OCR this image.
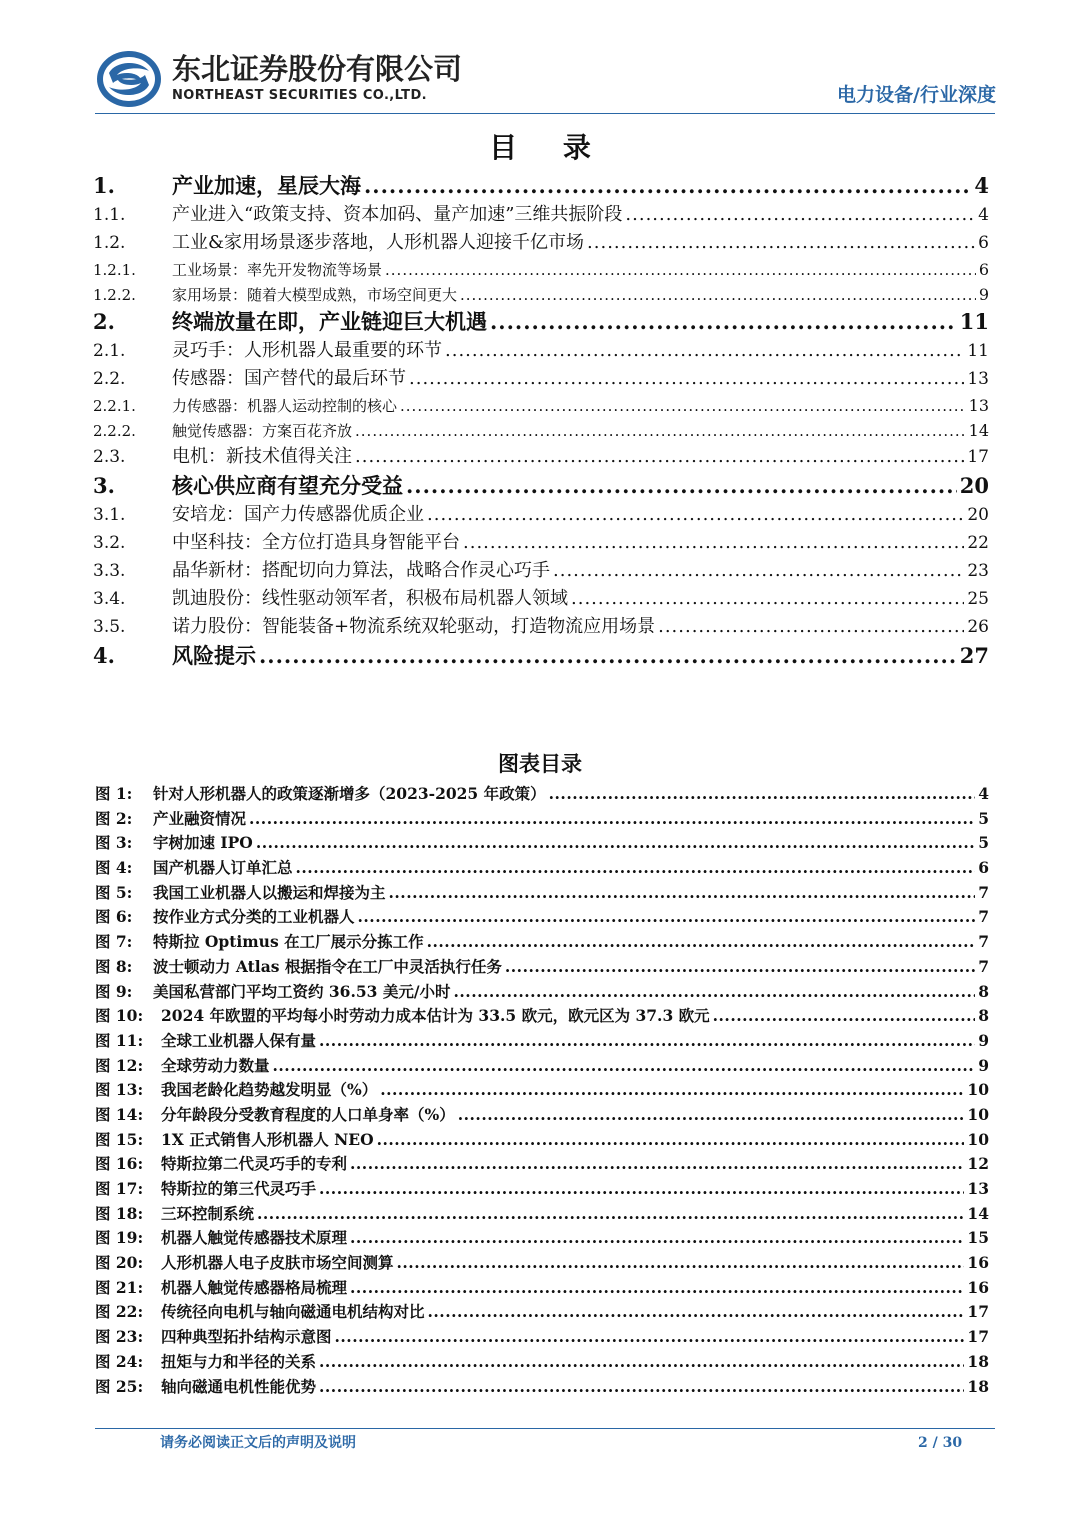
东北证券股份有限公司
NORTHEAST SECURITIES CO.,LTD.	电力设备/行业深度
目 录
1.	产业加速，星辰大海 .....	4
1.1.	产业进入“政策支持、资本加码、量产加速”三维共振阶段 .....	4
1.2.	工业&家用场景逐步落地，人形机器人迎接千亿市场 .....	6
1.2.1.	工业场景：率先开发物流等场景 .....	6
1.2.2.	家用场景：随着大模型成熟，市场空间更大 .....	9
2.	终端放量在即，产业链迎巨大机遇 .....	11
2.1.	灵巧手：人形机器人最重要的环节 .....	11
2.2.	传感器：国产替代的最后环节 .....	13
2.2.1.	力传感器：机器人运动控制的核心 .....	13
2.2.2.	触觉传感器：方案百花齐放 .....	14
2.3.	电机：新技术值得关注 .....	17
3.	核心供应商有望充分受益 .....	20
3.1.	安培龙：国产力传感器优质企业 .....	20
3.2.	中坚科技：全方位打造具身智能平台 .....	22
3.3.	晶华新材：搭配切向力算法，战略合作灵心巧手 .....	23
3.4.	凯迪股份：线性驱动领军者，积极布局机器人领域 .....	25
3.5.	诺力股份：智能装备+物流系统双轮驱动，打造物流应用场景 .....	26
4.	风险提示 .....	27
图表目录
图 1:	针对人形机器人的政策逐渐增多（2023-2025 年政策） .....	4
图 2:	产业融资情况 .....	5
图 3:	宇树加速 IPO .....	5
图 4:	国产机器人订单汇总 .....	6
图 5:	我国工业机器人以搬运和焊接为主 .....	7
图 6:	按作业方式分类的工业机器人 .....	7
图 7:	特斯拉 Optimus 在工厂展示分拣工作 .....	7
图 8:	波士顿动力 Atlas 根据指令在工厂中灵活执行任务 .....	7
图 9:	美国私营部门平均工资约 36.53 美元/小时 .....	8
图 10:	2024 年欧盟的平均每小时劳动力成本估计为 33.5 欧元，欧元区为 37.3 欧元 .....	8
图 11:	全球工业机器人保有量 .....	9
图 12:	全球劳动力数量 .....	9
图 13:	我国老龄化趋势越发明显（%） .....	10
图 14:	分年龄段分受教育程度的人口单身率（%） .....	10
图 15:	1X 正式销售人形机器人 NEO .....	10
图 16:	特斯拉第二代灵巧手的专利 .....	12
图 17:	特斯拉的第三代灵巧手 .....	13
图 18:	三环控制系统 .....	14
图 19:	机器人触觉传感器技术原理 .....	15
图 20:	人形机器人电子皮肤市场空间测算 .....	16
图 21:	机器人触觉传感器格局梳理 .....	16
图 22:	传统径向电机与轴向磁通电机结构对比 .....	17
图 23:	四种典型拓扑结构示意图 .....	17
图 24:	扭矩与力和半径的关系 .....	18
图 25:	轴向磁通电机性能优势 .....	18
请务必阅读正文后的声明及说明	2 / 30
